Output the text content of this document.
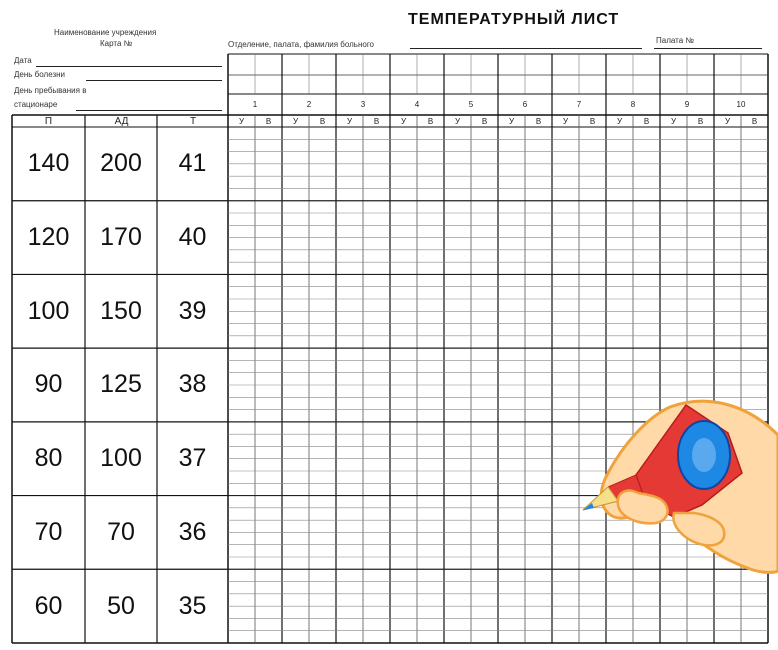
ТЕМПЕРАТУРНЫЙ ЛИСТ
Наименование учреждения
Карта №	Отделение, палата, фамилия больного	Палата №
Дата
День болезни
День пребывания в
стационаре
П	АД	Т
140	200	41
120	170	40
100	150	39
90	125	38
80	100	37
70	70	36
60	50	35
1
У	В
2
У	В
3
У	В
4
У	В
5
У	В
6
У	В
7
У	В
8
У	В
9
У	В
10
У	В
